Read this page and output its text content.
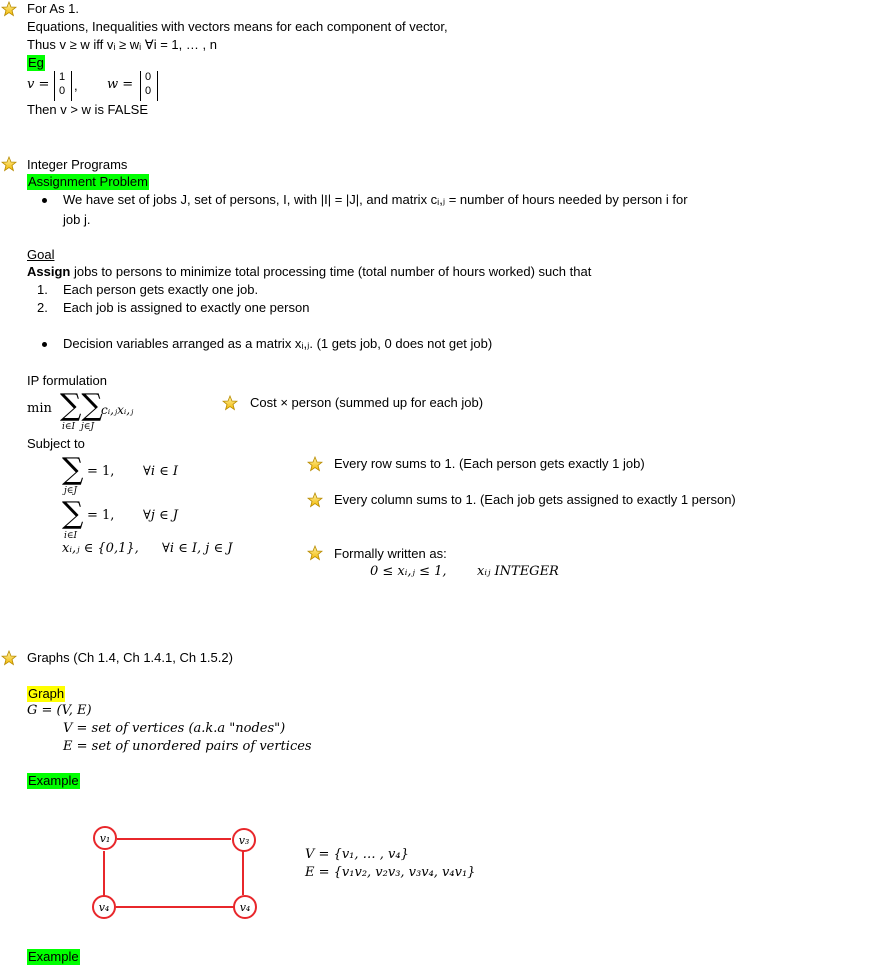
For As 1.
Equations, Inequalities with vectors means for each component of vector,
Thus v ≥ w iff vᵢ ≥ wᵢ ∀i = 1, … , n
Eg
v = 1
0 , w = 0
0
Then v > w is FALSE
Integer Programs
Assignment Problem
We have set of jobs J, set of persons, I, with |I| = |J|, and matrix cᵢ,ⱼ = number of hours needed by person i for
job j.
Goal
Assign jobs to persons to minimize total processing time (total number of hours worked) such that
1. Each person gets exactly one job.
2. Each job is assigned to exactly one person
Decision variables arranged as a matrix xᵢ,ⱼ. (1 gets job, 0 does not get job)
IP formulation
min ∑∑
i∈I j∈J
cᵢ,ⱼxᵢ,ⱼ	Cost × person (summed up for each job)
Subject to
∑ = 1, ∀i ∈ I
j∈J
∑ = 1, ∀j ∈ J
i∈I
xᵢ,ⱼ ∈ {0,1}, ∀i ∈ I, j ∈ J
Every row sums to 1. (Each person gets exactly 1 job)
Every column sums to 1. (Each job gets assigned to exactly 1 person)
Formally written as:
0 ≤ xᵢ,ⱼ ≤ 1, xᵢⱼ INTEGER
Graphs (Ch 1.4, Ch 1.4.1, Ch 1.5.2)
Graph
G = (V, E)
V = set of vertices (a.k.a "nodes")
E = set of unordered pairs of vertices
Example
v₁	v₃
v₄	v₄
V = {v₁, … , v₄}
E = {v₁v₂, v₂v₃, v₃v₄, v₄v₁}
Example
